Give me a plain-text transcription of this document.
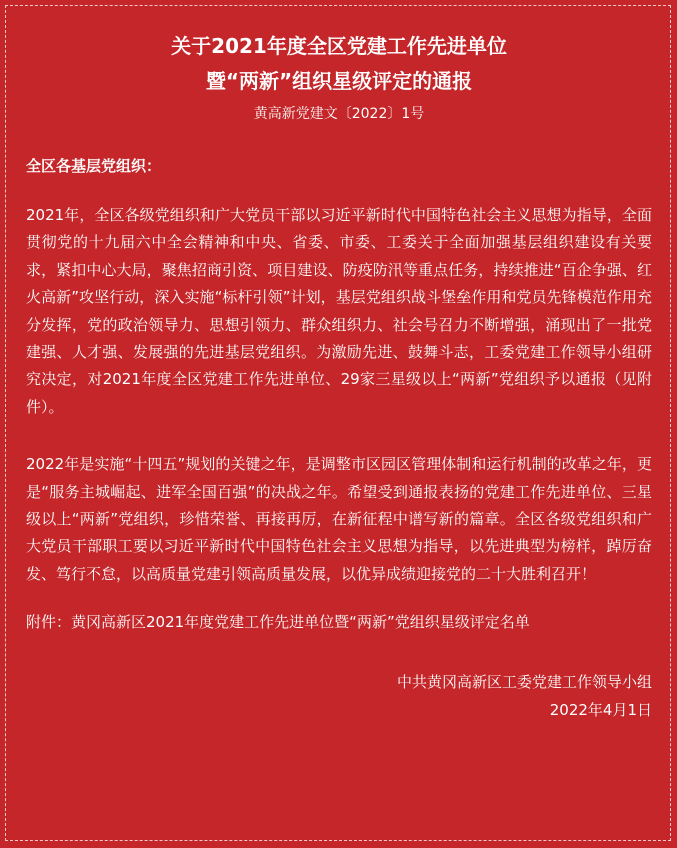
关于2021年度全区党建工作先进单位
暨“两新”组织星级评定的通报
黄高新党建文〔2022〕1号
全区各基层党组织：

2021年，全区各级党组织和广大党员干部以习近平新时代中国特色社会主义思想为指导，全面贯彻党的十九届六中全会精神和中央、省委、市委、工委关于全面加强基层组织建设有关要求，紧扣中心大局，聚焦招商引资、项目建设、防疫防汛等重点任务，持续推进“百企争强、红火高新”攻坚行动，深入实施“标杆引领”计划，基层党组织战斗堡垒作用和党员先锋模范作用充分发挥，党的政治领导力、思想引领力、群众组织力、社会号召力不断增强，涌现出了一批党建强、人才强、发展强的先进基层党组织。为激励先进、鼓舞斗志，工委党建工作领导小组研究决定，对2021年度全区党建工作先进单位、29家三星级以上“两新”党组织予以通报（见附件）。

2022年是实施“十四五”规划的关键之年，是调整市区园区管理体制和运行机制的改革之年，更是“服务主城崛起、进军全国百强”的决战之年。希望受到通报表扬的党建工作先进单位、三星级以上“两新”党组织，珍惜荣誉、再接再厉，在新征程中谱写新的篇章。全区各级党组织和广大党员干部职工要以习近平新时代中国特色社会主义思想为指导，以先进典型为榜样，踔厉奋发、笃行不怠，以高质量党建引领高质量发展，以优异成绩迎接党的二十大胜利召开！

附件：黄冈高新区2021年度党建工作先进单位暨“两新”党组织星级评定名单
中共黄冈高新区工委党建工作领导小组
2022年4月1日
